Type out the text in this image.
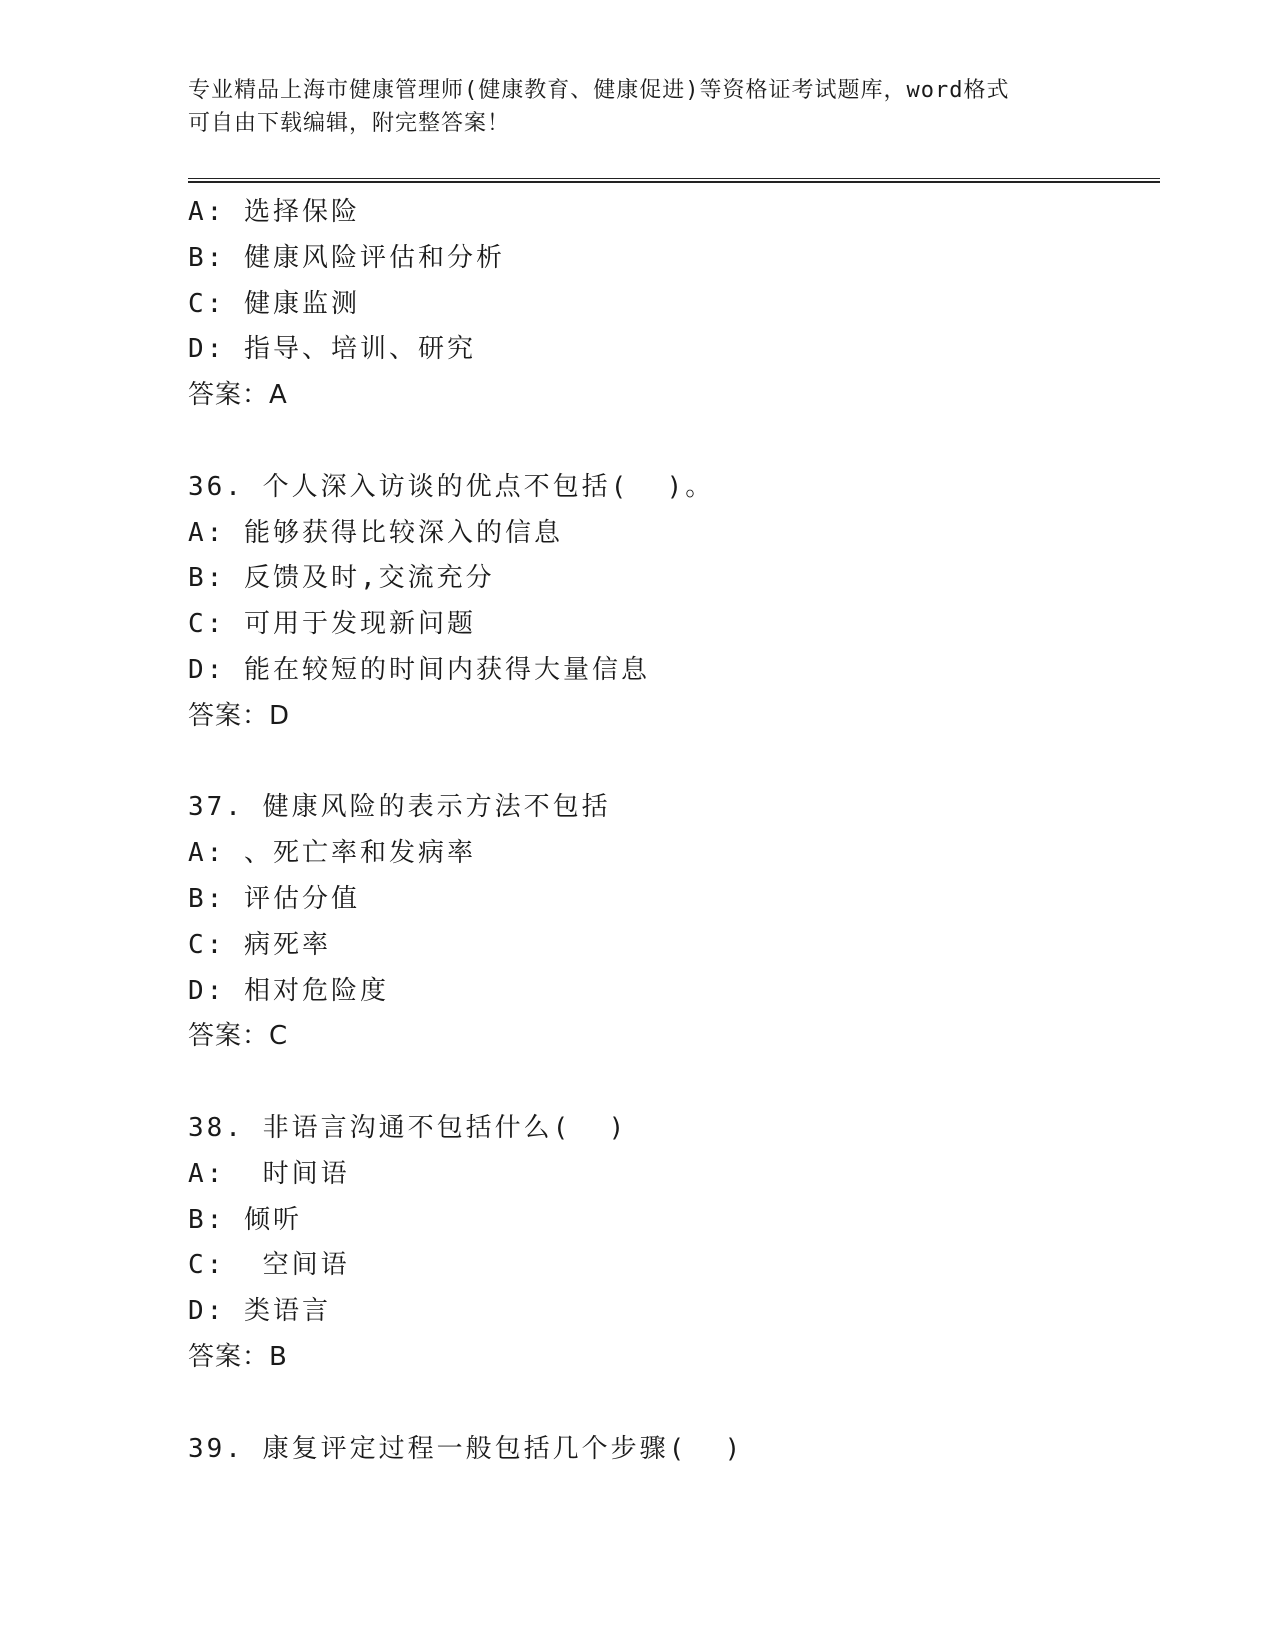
专业精品上海市健康管理师(健康教育、健康促进)等资格证考试题库，word格式
可自由下载编辑，附完整答案！
A: 选择保险
B: 健康风险评估和分析
C: 健康监测
D: 指导、培训、研究
答案：A
36. 个人深入访谈的优点不包括(  )。
A: 能够获得比较深入的信息
B: 反馈及时,交流充分
C: 可用于发现新问题
D: 能在较短的时间内获得大量信息
答案：D
37. 健康风险的表示方法不包括
A: 、死亡率和发病率
B: 评估分值
C: 病死率
D: 相对危险度
答案：C
38. 非语言沟通不包括什么(  )
A:  时间语
B: 倾听
C:  空间语
D: 类语言
答案：B
39. 康复评定过程一般包括几个步骤(  )
